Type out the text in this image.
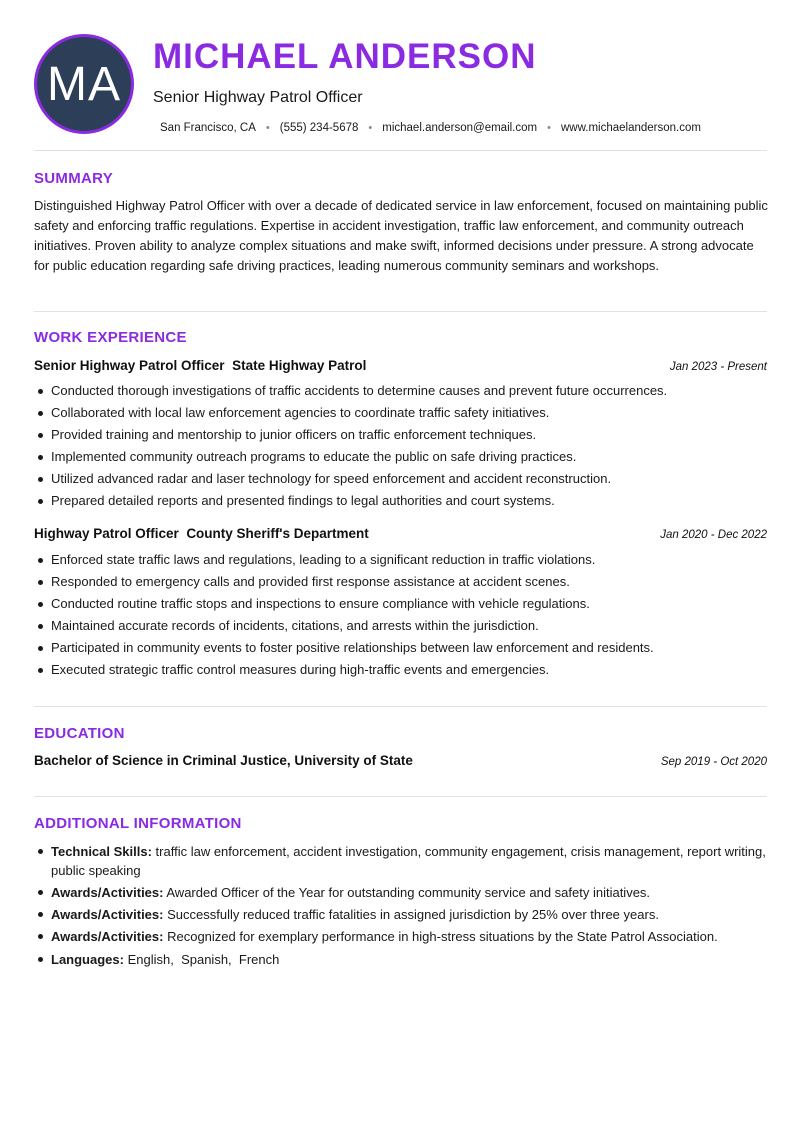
MA
MICHAEL ANDERSON
Senior Highway Patrol Officer
San Francisco, CA • (555) 234-5678 • michael.anderson@email.com • www.michaelanderson.com
SUMMARY

Distinguished Highway Patrol Officer with over a decade of dedicated service in law enforcement, focused on maintaining public safety and enforcing traffic regulations. Expertise in accident investigation, traffic law enforcement, and community outreach initiatives. Proven ability to analyze complex situations and make swift, informed decisions under pressure. A strong advocate for public education regarding safe driving practices, leading numerous community seminars and workshops.

WORK EXPERIENCE
Senior Highway Patrol Officer State Highway Patrol	Jan 2023 - Present
Conducted thorough investigations of traffic accidents to determine causes and prevent future occurrences.
Collaborated with local law enforcement agencies to coordinate traffic safety initiatives.
Provided training and mentorship to junior officers on traffic enforcement techniques.
Implemented community outreach programs to educate the public on safe driving practices.
Utilized advanced radar and laser technology for speed enforcement and accident reconstruction.
Prepared detailed reports and presented findings to legal authorities and court systems.
Highway Patrol Officer County Sheriff's Department	Jan 2020 - Dec 2022
Enforced state traffic laws and regulations, leading to a significant reduction in traffic violations.
Responded to emergency calls and provided first response assistance at accident scenes.
Conducted routine traffic stops and inspections to ensure compliance with vehicle regulations.
Maintained accurate records of incidents, citations, and arrests within the jurisdiction.
Participated in community events to foster positive relationships between law enforcement and residents.
Executed strategic traffic control measures during high-traffic events and emergencies.
EDUCATION
Bachelor of Science in Criminal Justice, University of State	Sep 2019 - Oct 2020
ADDITIONAL INFORMATION
Technical Skills: traffic law enforcement, accident investigation, community engagement, crisis management, report writing, public speaking
Awards/Activities: Awarded Officer of the Year for outstanding community service and safety initiatives.
Awards/Activities: Successfully reduced traffic fatalities in assigned jurisdiction by 25% over three years.
Awards/Activities: Recognized for exemplary performance in high-stress situations by the State Patrol Association.
Languages: English,  Spanish,  French
